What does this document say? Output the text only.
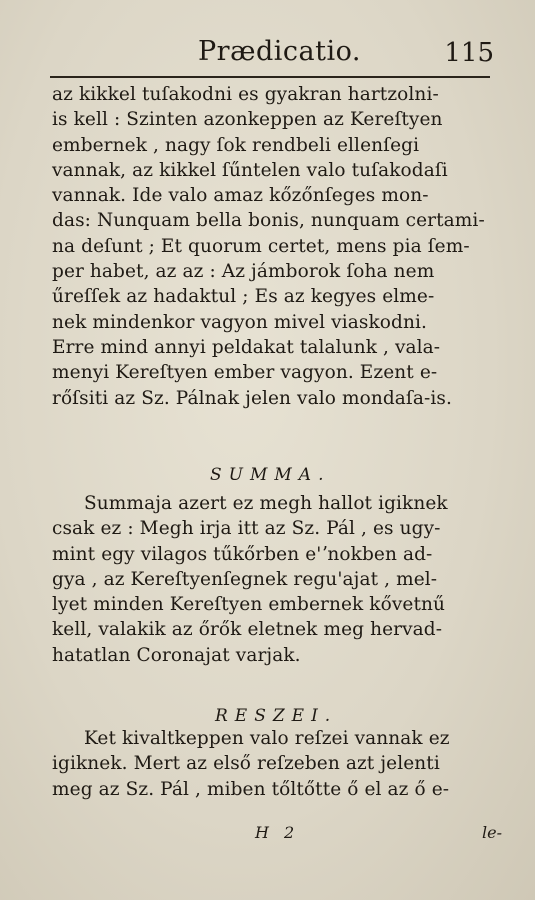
Prædicatio.	115
az kikkel tuſakodni es gyakran hartzolni-
is kell : Szinten azonkeppen az Kereſtyen
embernek , nagy ſok rendbeli ellenſegi
vannak, az kikkel ſűntelen valo tuſakodaſi
vannak. Ide valo amaz kőzőnſeges mon-
das: Nunquam bella bonis, nunquam certami-
na deſunt ; Et quorum certet, mens pia ſem-
per habet, az az : Az jámborok ſoha nem
űreſſek az hadaktul ; Es az kegyes elme-
nek mindenkor vagyon mivel viaskodni.
Erre mind annyi peldakat talalunk , vala-
menyi Kereſtyen ember vagyon. Ezent e-
rőſsiti az Sz. Pálnak jelen valo mondaſa-is.
SUMMA.
Summaja azert ez megh hallot igiknek
csak ez : Megh irja itt az Sz. Pál , es ugy-
mint egy vilagos tűkőrben e'ʼnokben ad-
gya , az Kereſtyenſegnek regu'ajat , mel-
lyet minden Kereſtyen embernek kővetnű
kell, valakik az őrők eletnek meg hervad-
hatatlan Coronajat varjak.
RESZEI.
Ket kivaltkeppen valo reſzei vannak ez
igiknek. Mert az első reſzeben azt jelenti
meg az Sz. Pál , miben tőltőtte ő el az ő e-
H 2	le-
